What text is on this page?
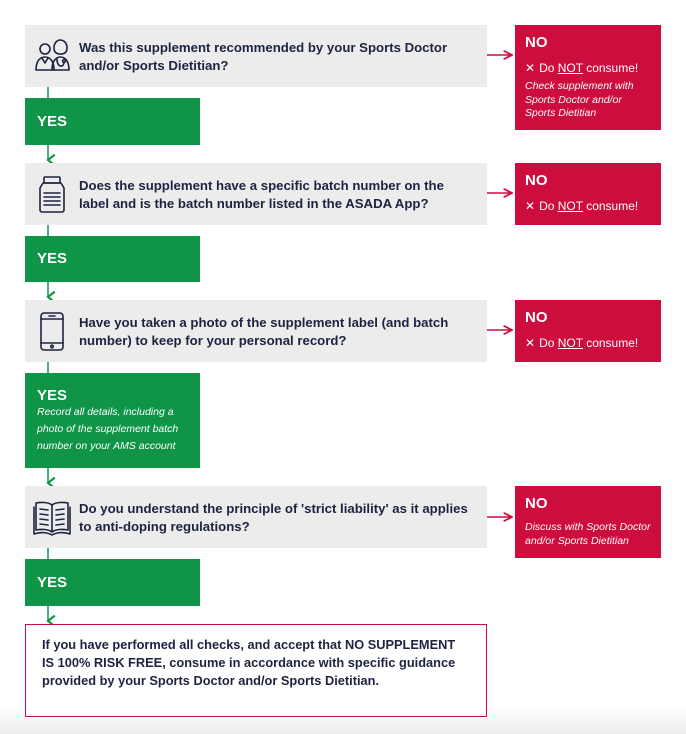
Was this supplement recommended by your Sports Doctor and/or Sports Dietitian?
NO
✕ Do NOT consume!
Check supplement with Sports Doctor and/or Sports Dietitian
YES
Does the supplement have a specific batch number on the label and is the batch number listed in the ASADA App?
NO
✕ Do NOT consume!
YES
Have you taken a photo of the supplement label (and batch number) to keep for your personal record?
NO
✕ Do NOT consume!
YES
Record all details, including a photo of the supplement batch number on your AMS account
Do you understand the principle of 'strict liability' as it applies to anti-doping regulations?
NO
Discuss with Sports Doctor and/or Sports Dietitian
YES
If you have performed all checks, and accept that NO SUPPLEMENT IS 100% RISK FREE, consume in accordance with specific guidance provided by your Sports Doctor and/or Sports Dietitian.
